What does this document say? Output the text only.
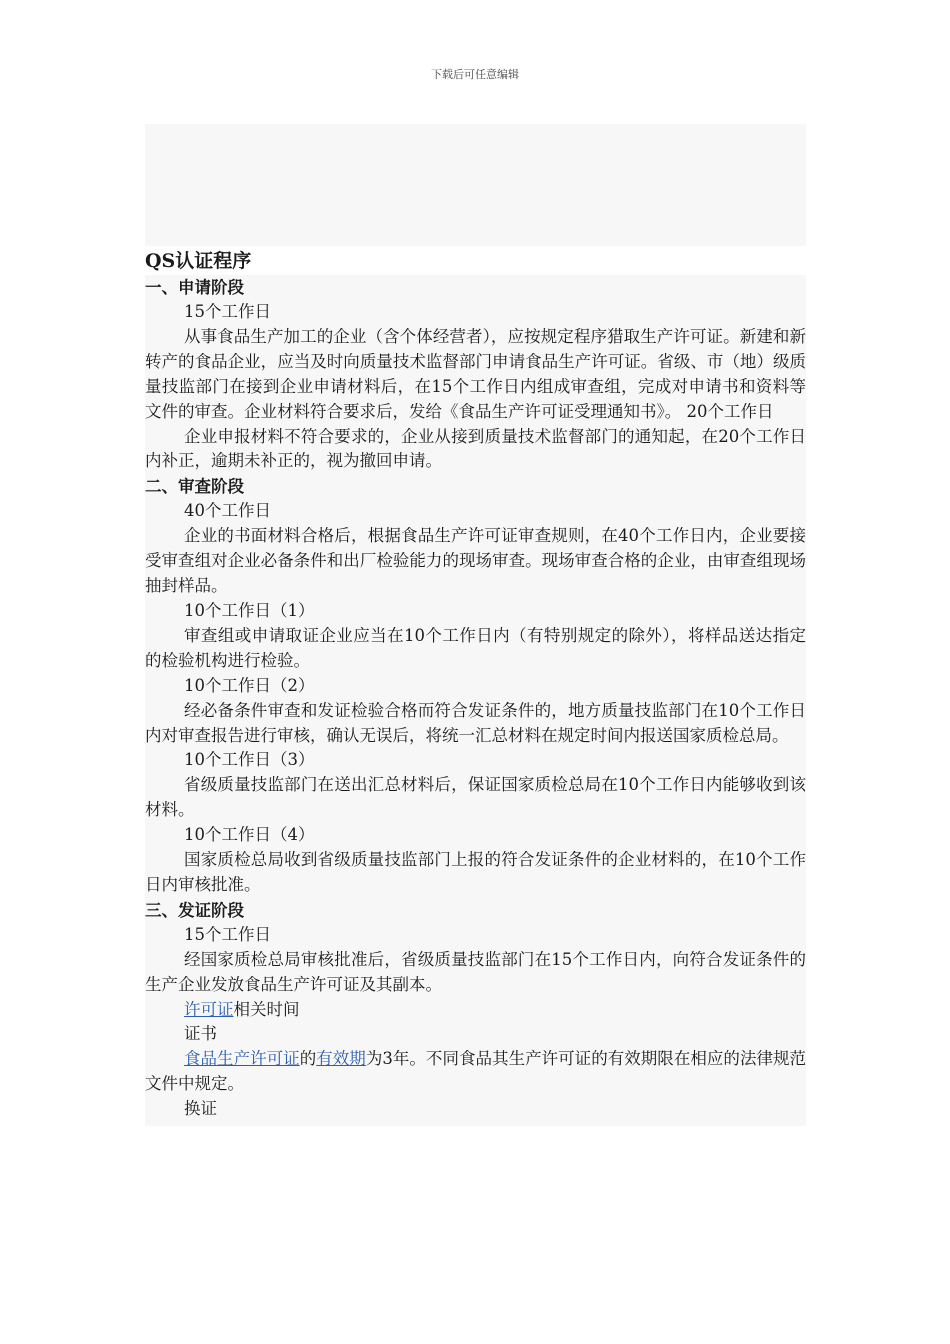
下载后可任意编辑
QS认证程序

一、申请阶段

15个工作日

从事食品生产加工的企业（含个体经营者），应按规定程序猎取生产许可证。新建和新转产的食品企业，应当及时向质量技术监督部门申请食品生产许可证。省级、市（地）级质量技监部门在接到企业申请材料后，在15个工作日内组成审查组，完成对申请书和资料等文件的审查。企业材料符合要求后，发给《食品生产许可证受理通知书》。 20个工作日

企业申报材料不符合要求的，企业从接到质量技术监督部门的通知起，在20个工作日内补正，逾期未补正的，视为撤回申请。

二、审查阶段

40个工作日

企业的书面材料合格后，根据食品生产许可证审查规则，在40个工作日内，企业要接受审查组对企业必备条件和出厂检验能力的现场审查。现场审查合格的企业，由审查组现场抽封样品。

10个工作日（1）

审查组或申请取证企业应当在10个工作日内（有特别规定的除外），将样品送达指定的检验机构进行检验。

10个工作日（2）

经必备条件审查和发证检验合格而符合发证条件的，地方质量技监部门在10个工作日内对审查报告进行审核，确认无误后，将统一汇总材料在规定时间内报送国家质检总局。

10个工作日（3）

省级质量技监部门在送出汇总材料后，保证国家质检总局在10个工作日内能够收到该材料。

10个工作日（4）

国家质检总局收到省级质量技监部门上报的符合发证条件的企业材料的，在10个工作日内审核批准。

三、发证阶段

15个工作日

经国家质检总局审核批准后，省级质量技监部门在15个工作日内，向符合发证条件的生产企业发放食品生产许可证及其副本。

许可证相关时间

证书

食品生产许可证的有效期为3年。不同食品其生产许可证的有效期限在相应的法律规范文件中规定。

换证
